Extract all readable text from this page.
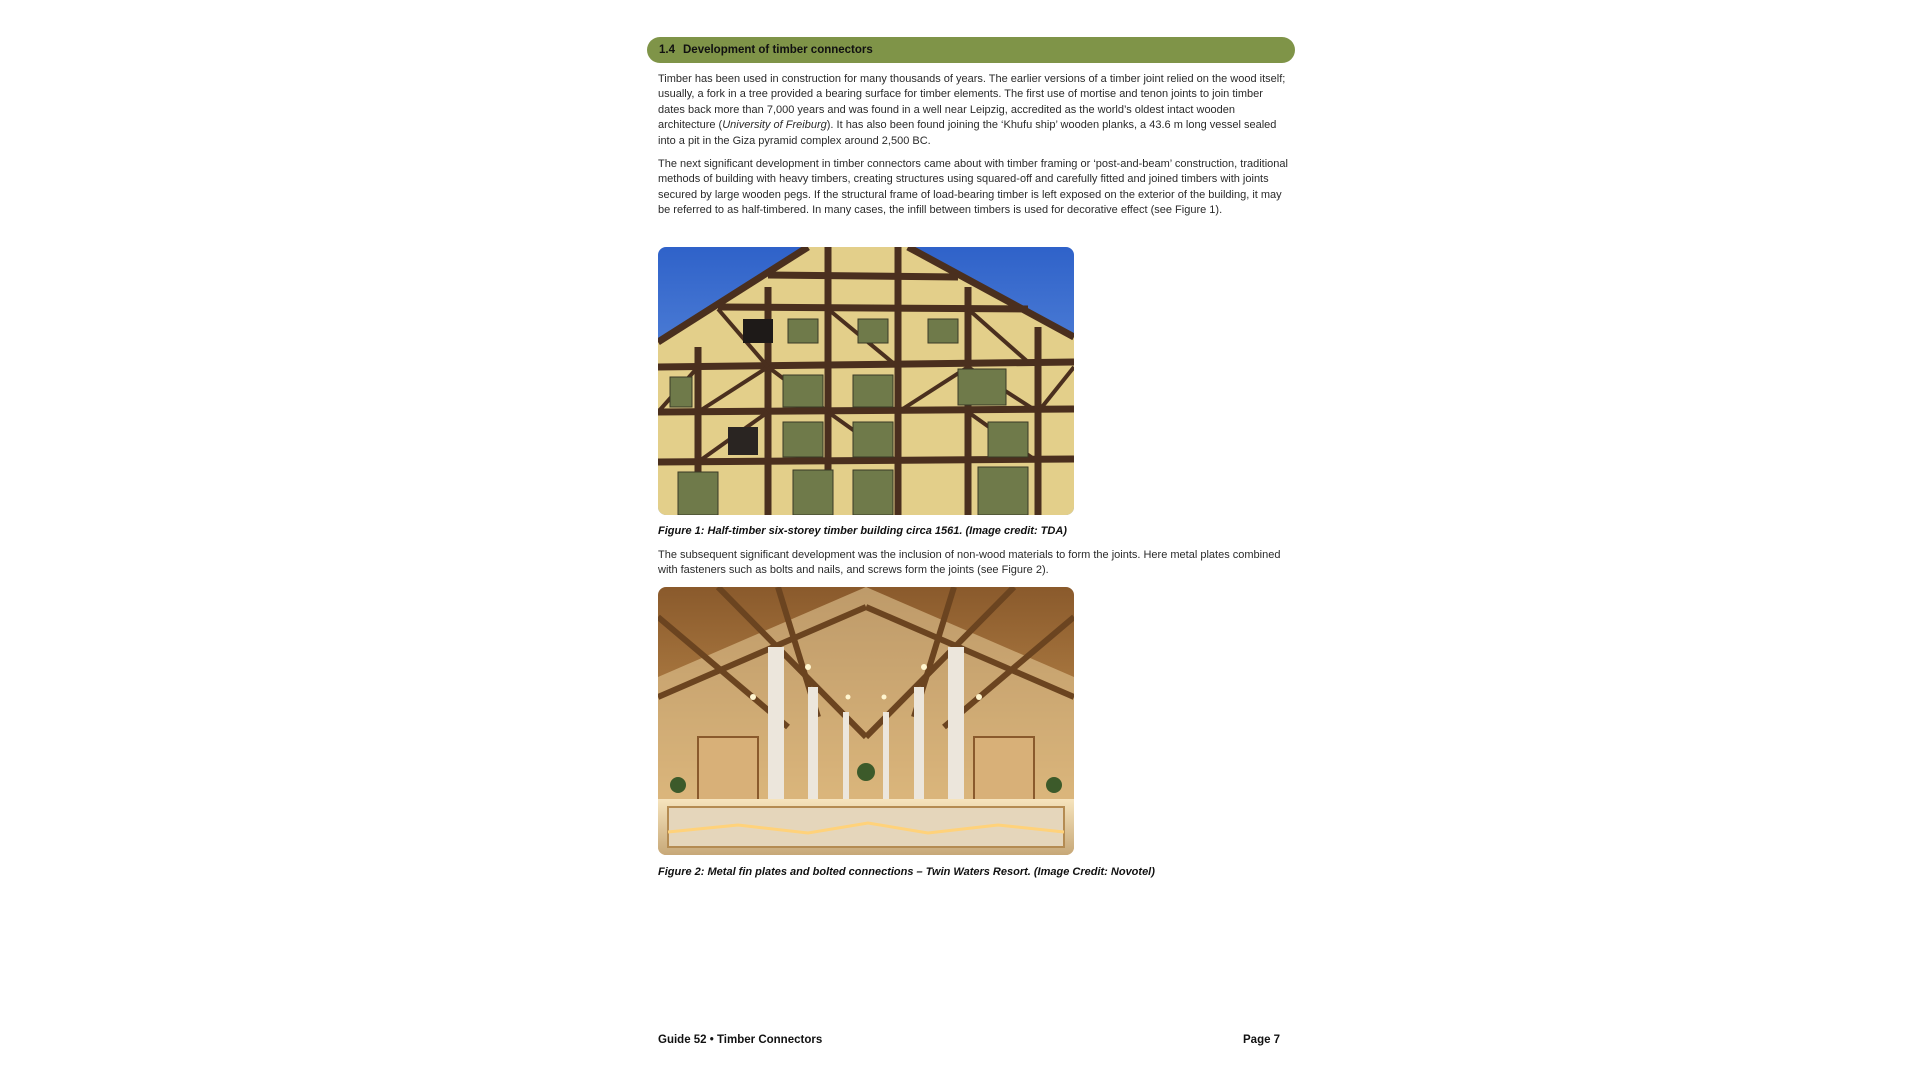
1.4 Development of timber connectors

Timber has been used in construction for many thousands of years. The earlier versions of a timber joint relied on the wood itself; usually, a fork in a tree provided a bearing surface for timber elements. The first use of mortise and tenon joints to join timber dates back more than 7,000 years and was found in a well near Leipzig, accredited as the world’s oldest intact wooden architecture (University of Freiburg). It has also been found joining the ‘Khufu ship’ wooden planks, a 43.6 m long vessel sealed into a pit in the Giza pyramid complex around 2,500 BC.

The next significant development in timber connectors came about with timber framing or ‘post-and-beam’ construction, traditional methods of building with heavy timbers, creating structures using squared-off and carefully fitted and joined timbers with joints secured by large wooden pegs. If the structural frame of load-bearing timber is left exposed on the exterior of the building, it may be referred to as half-timbered. In many cases, the infill between timbers is used for decorative effect (see Figure 1).

Figure 1: Half-timber six-storey timber building circa 1561. (Image credit: TDA)

The subsequent significant development was the inclusion of non-wood materials to form the joints. Here metal plates combined with fasteners such as bolts and nails, and screws form the joints (see Figure 2).

Figure 2: Metal fin plates and bolted connections – Twin Waters Resort. (Image Credit: Novotel)
Guide 52 • Timber Connectors	Page 7
